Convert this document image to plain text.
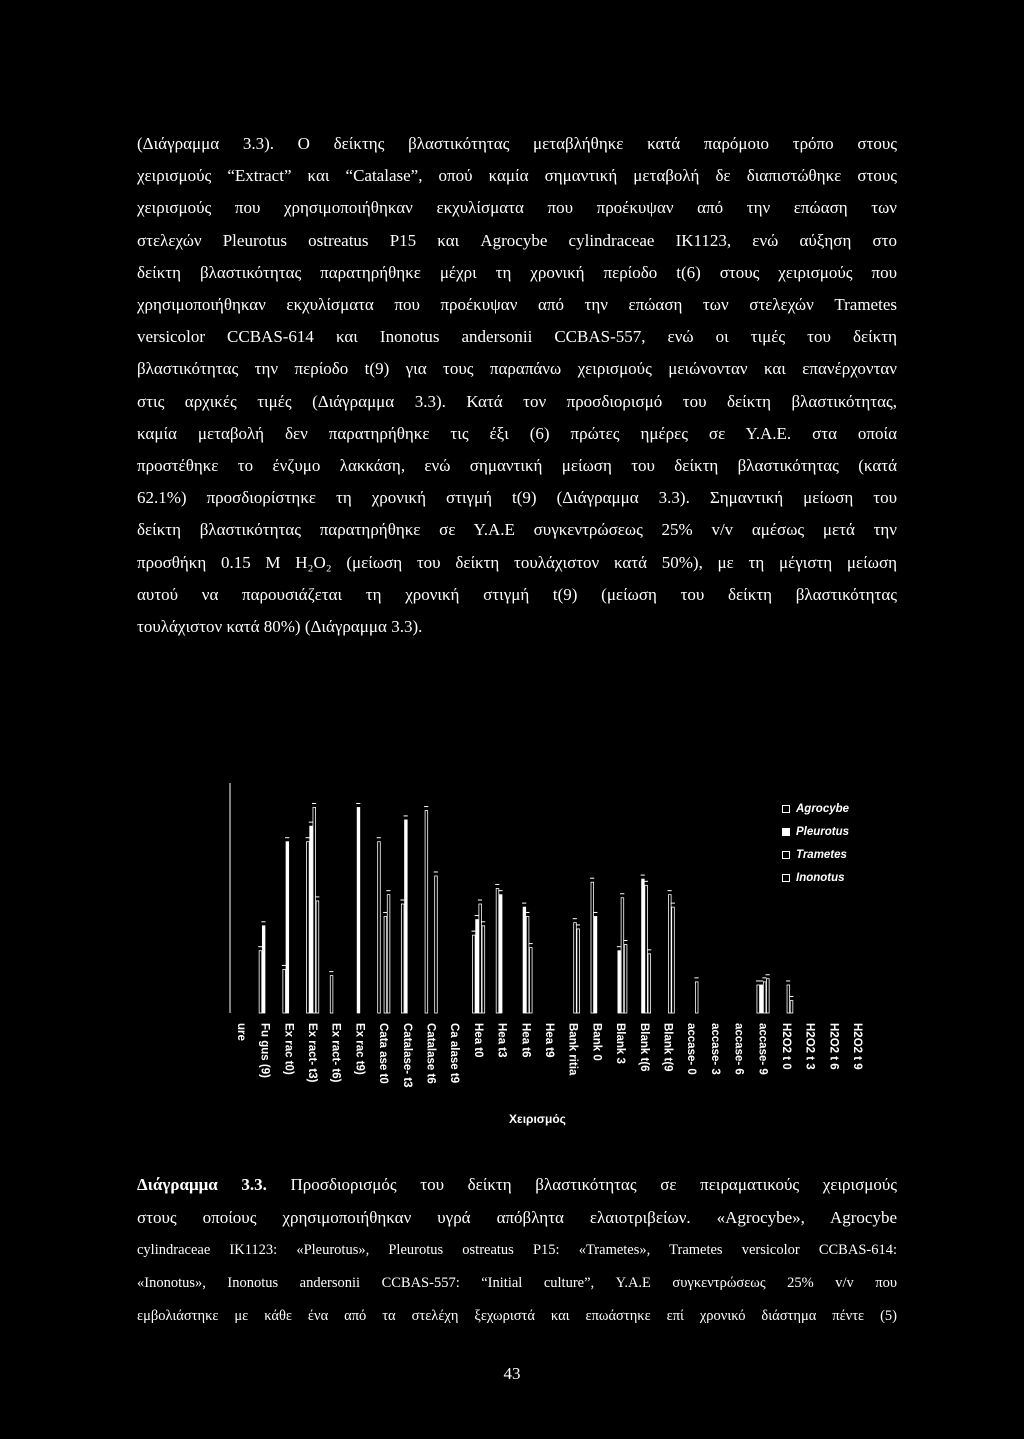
(Διάγραμμα 3.3). Ο δείκτης βλαστικότητας μεταβλήθηκε κατά παρόμοιο τρόπο στους
χειρισμούς “Extract” και “Catalase”, οπού καμία σημαντική μεταβολή δε διαπιστώθηκε στους
χειρισμούς που χρησιμοποιήθηκαν εκχυλίσματα που προέκυψαν από την επώαση των
στελεχών Pleurotus ostreatus P15 και Agrocybe cylindraceae ΙΚ1123, ενώ αύξηση στο
δείκτη βλαστικότητας παρατηρήθηκε μέχρι τη χρονική περίοδο t(6) στους χειρισμούς που
χρησιμοποιήθηκαν εκχυλίσματα που προέκυψαν από την επώαση των στελεχών Trametes
versicolor CCBAS-614 και Inonotus andersonii CCBAS-557, ενώ οι τιμές του δείκτη
βλαστικότητας την περίοδο t(9) για τους παραπάνω χειρισμούς μειώνονταν και επανέρχονταν
στις αρχικές τιμές (Διάγραμμα 3.3). Κατά τον προσδιορισμό του δείκτη βλαστικότητας,
καμία μεταβολή δεν παρατηρήθηκε τις έξι (6) πρώτες ημέρες σε Υ.Α.Ε. στα οποία
προστέθηκε το ένζυμο λακκάση, ενώ σημαντική μείωση του δείκτη βλαστικότητας (κατά
62.1%) προσδιορίστηκε τη χρονική στιγμή t(9) (Διάγραμμα 3.3). Σημαντική μείωση του
δείκτη βλαστικότητας παρατηρήθηκε σε Υ.Α.Ε συγκεντρώσεως 25% v/v αμέσως μετά την
προσθήκη 0.15 Μ H₂O₂ (μείωση του δείκτη τουλάχιστον κατά 50%), με τη μέγιστη μείωση
αυτού να παρουσιάζεται τη χρονική στιγμή t(9) (μείωση του δείκτη βλαστικότητας
τουλάχιστον κατά 80%) (Διάγραμμα 3.3).
ure Fu gus (9) Ex rac t0) Ex ract- t3) Ex ract- t6) Ex rac t9) Cata ase t0 Catalase- t3 Catalase t6 Ca alase t9 Hea t0 Hea t3 Hea t6 Hea t9 Bank ritia Bank 0 Blank 3 Blank t(6 Blank t(9 accase- 0 accase- 3 accase- 6 accase- 9 H2O2 t 0 H2O2 t 3 H2O2 t 6 H2O2 t 9
Agrocybe
Pleurotus
Trametes
Inonotus
Χειρισμός
Διάγραμμα 3.3. Προσδιορισμός του δείκτη βλαστικότητας σε πειραματικούς χειρισμούς
στους οποίους χρησιμοποιήθηκαν υγρά απόβλητα ελαιοτριβείων. «Agrocybe», Agrocybe
cylindraceae ΙΚ1123: «Pleurotus», Pleurotus ostreatus P15: «Trametes», Trametes versicolor CCBAS-614:
«Inonotus», Inonotus andersonii CCBAS-557: “Initial culture”, Υ.Α.Ε συγκεντρώσεως 25% v/v που
εμβολιάστηκε με κάθε ένα από τα στελέχη ξεχωριστά και επωάστηκε επί χρονικό διάστημα πέντε (5)
43
